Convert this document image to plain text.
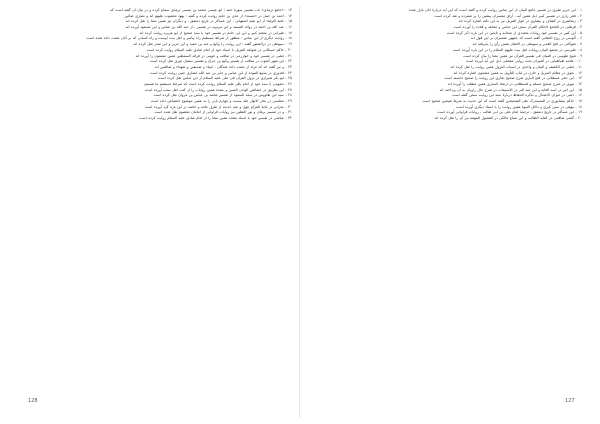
۱۳ - «جامع ترمذی» باب تفسیر سورهٔ حمد ؛ ابو عیسی محمد بن عیسی ترمذی سماع کرده و در بیان آن گفته است که

۱۴ - احمد بن حنبل در «مسند» از عدی بن حاتم روایت کرده و گفته : یهود مغضوب علیهم اند و نصاری ضالین

۱۵ - حلیة الاولیاء از ابو نعیم اصفهانی ، ابن عساکر در تاریخ دمشق ، و دیگران نیز همین معنا را نقل کرده اند

۱۶ - عبد الله بن احمد در زوائد المسند و ابن مردویه در تفسیر ، از عبد الله بن عباس و ابن مسعود آورده اند

۱۷ - طبرانی در معجم کبیر و ابن ابی حاتم در تفسیر خود با سند صحیح از ابو هریره روایت کرده اند

۱۸ - روایت دیگری از این عباس : منظور از صراط مستقیم راه پیامبر و اهل بیت اوست و راه کسانی که بر آنان نعمت داده شده است

۱۹ - سیوطی در درالمنثور گفته : این روایت را وکیع و عبد بن حمید و ابن جریر و ابن منذر نقل کرده اند

۲۰ - حاکم حسکانی در شواهد التنزیل با اسناد خود از امام صادق علیه السلام روایت کرده است

۲۱ - ثعلبی در تفسیر خود و خوارزمی در مناقب و جوینی در فرائد السمطین همین مضمون را آورده اند

۲۲ - ابن شهر آشوب در مناقب از تفسیر وکیع بن جراح و تفسیر سفیان ثوری نقل کرده است

۲۳ - و نیز گفته اند که مراد از نعمت داده شدگان ، انبیاء و صدیقین و شهداء و صالحین اند

۲۴ - قندوزی در ینابیع المودة از ابن عباس و جابر بن عبد الله انصاری چنین روایت کرده است

۲۵ - ابو بکر شیرازی در نزول القرآن فی علی علیه السلام از ابن عباس نقل کرده است

۲۶ - حموینی با سند خود از امام باقر علیه السلام روایت کرده است که صراط مستقیم ما هستیم

۲۷ - ابن بطریق در خصائص الوحی المبین و عمدة همین روایات را از کتب اهل سنت آورده است

۲۸ - سید ابن طاووس در سعد السعود از تفسیر محمد بن عباس بن مروان نقل کرده است

۲۹ - مجلسی در بحار الانوار جلد بیست و چهارم بابی را به همین موضوع اختصاص داده است

۳۰ - بحرانی در غایة المرام چهل و چند حدیث از طرق عامه و خاصه در این باره گرد آورده است

۳۱ - و در تفسیر برهان و نور الثقلین نیز روایات فراوانی از امامان معصوم نقل شده است

۳۲ - عیاشی در تفسیر خود با اسناد متعدد همین معنا را از امام صادق علیه السلام روایت کرده است

۱ - ابن جریر طبری در تفسیر جامع البیان از ابن عباس روایت کرده و گفته است که این آیه دربارهٔ آنان نازل شده

۲ - فخر رازی در تفسیر کبیر ذیل همین آیه ، آرای مفسران پیشین را بر شمرده و نقد کرده است

۳ - زمخشری در کشاف و بیضاوی در انوار التنزیل نیز به این نکته اشاره کرده اند

۴ - قرطبی در الجامع لاحکام القرآن سخن ابن عباس و مجاهد و قتاده را آورده است

۵ - ابن کثیر در تفسیر خود روایات متعددی از صحابه و تابعین در این باره ذکر کرده است

۶ - آلوسی در روح المعانی گفته است که جمهور مفسران بر این قول اند

۷ - شوکانی در فتح القدیر و سیوطی در الاتقان همین رأی را پذیرفته اند

۸ - طبرسی در مجمع البیان روایات اهل بیت علیهم السلام را در این باره آورده است

۹ - شیخ طوسی در التبیان فی تفسیر القرآن نیز همین معنا را بیان کرده است

۱۰ - علامه طباطبایی در المیزان بحث روایی مفصلی ذیل این آیه آورده است

۱۱ - ثعلبی در الکشف و البیان و واحدی در اسباب النزول همین روایت را نقل کرده اند

۱۲ - بغوی در معالم التنزیل و خازن در لباب التأویل به همین مضمون اشاره کرده اند

۱۳ - ابن حجر عسقلانی در فتح الباری شرح صحیح بخاری این روایت را صحیح دانسته است

۱۴ - نووی در شرح صحیح مسلم و قسطلانی در ارشاد الساری همین مطلب را آورده اند

۱۵ - ابن اثیر در اسد الغابة و ابن عبد البر در الاستیعاب در شرح حال راویان به آن پرداخته اند

۱۶ - ذهبی در میزان الاعتدال و تذکرة الحفاظ دربارهٔ سند این روایت سخن گفته است

۱۷ - حاکم نیشابوری در المستدرک علی الصحیحین گفته است که این حدیث به شرط شیخین صحیح است

۱۸ - بیهقی در سنن کبری و دلائل النبوة همین روایت را با اسناد دیگری آورده است

۱۹ - ابن عساکر در تاریخ دمشق ، ترجمهٔ امام علی بن ابی طالب ، روایات فراوانی آورده است

۲۰ - گنجی شافعی در کفایة الطالب و ابن صباغ مالکی در الفصول المهمة نیز آن را نقل کرده اند

128	127
